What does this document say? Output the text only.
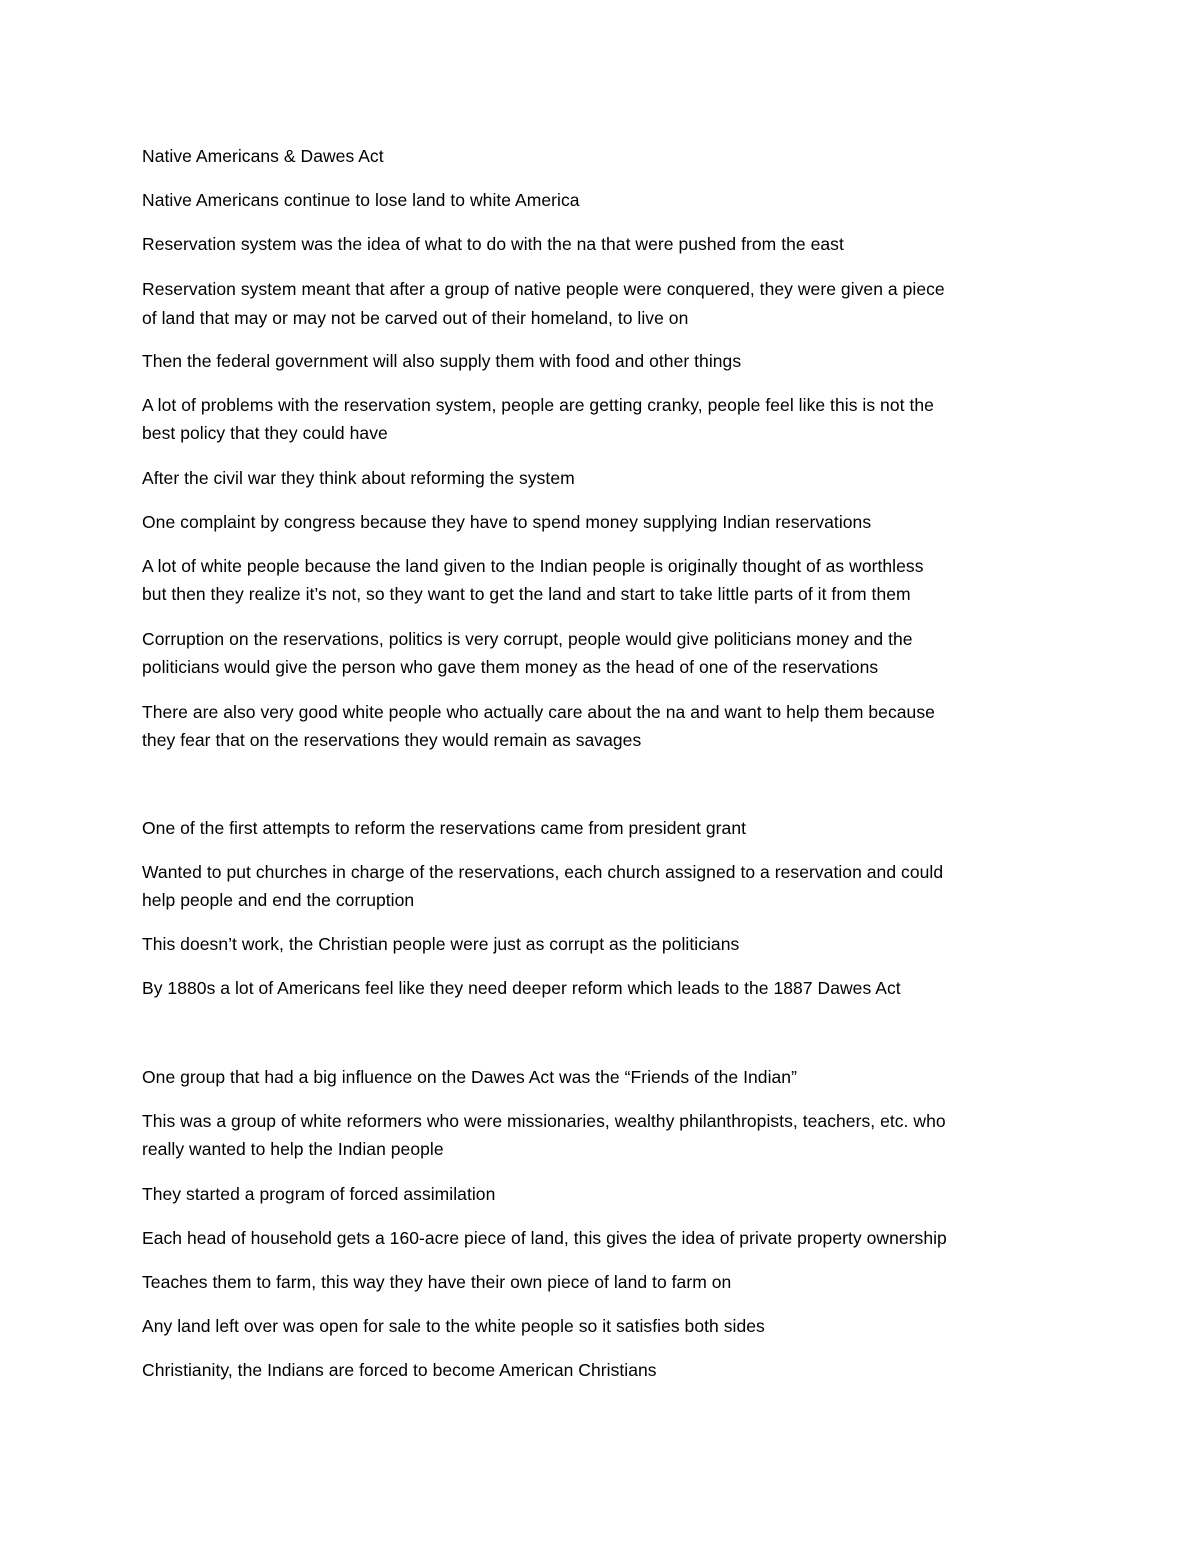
Native Americans & Dawes Act
Native Americans continue to lose land to white America
Reservation system was the idea of what to do with the na that were pushed from the east
Reservation system meant that after a group of native people were conquered, they were given a piece
of land that may or may not be carved out of their homeland, to live on
Then the federal government will also supply them with food and other things
A lot of problems with the reservation system, people are getting cranky, people feel like this is not the
best policy that they could have
After the civil war they think about reforming the system
One complaint by congress because they have to spend money supplying Indian reservations
A lot of white people because the land given to the Indian people is originally thought of as worthless
but then they realize it’s not, so they want to get the land and start to take little parts of it from them
Corruption on the reservations, politics is very corrupt, people would give politicians money and the
politicians would give the person who gave them money as the head of one of the reservations
There are also very good white people who actually care about the na and want to help them because
they fear that on the reservations they would remain as savages
One of the first attempts to reform the reservations came from president grant
Wanted to put churches in charge of the reservations, each church assigned to a reservation and could
help people and end the corruption
This doesn’t work, the Christian people were just as corrupt as the politicians
By 1880s a lot of Americans feel like they need deeper reform which leads to the 1887 Dawes Act
One group that had a big influence on the Dawes Act was the “Friends of the Indian”
This was a group of white reformers who were missionaries, wealthy philanthropists, teachers, etc. who
really wanted to help the Indian people
They started a program of forced assimilation
Each head of household gets a 160-acre piece of land, this gives the idea of private property ownership
Teaches them to farm, this way they have their own piece of land to farm on
Any land left over was open for sale to the white people so it satisfies both sides
Christianity, the Indians are forced to become American Christians
